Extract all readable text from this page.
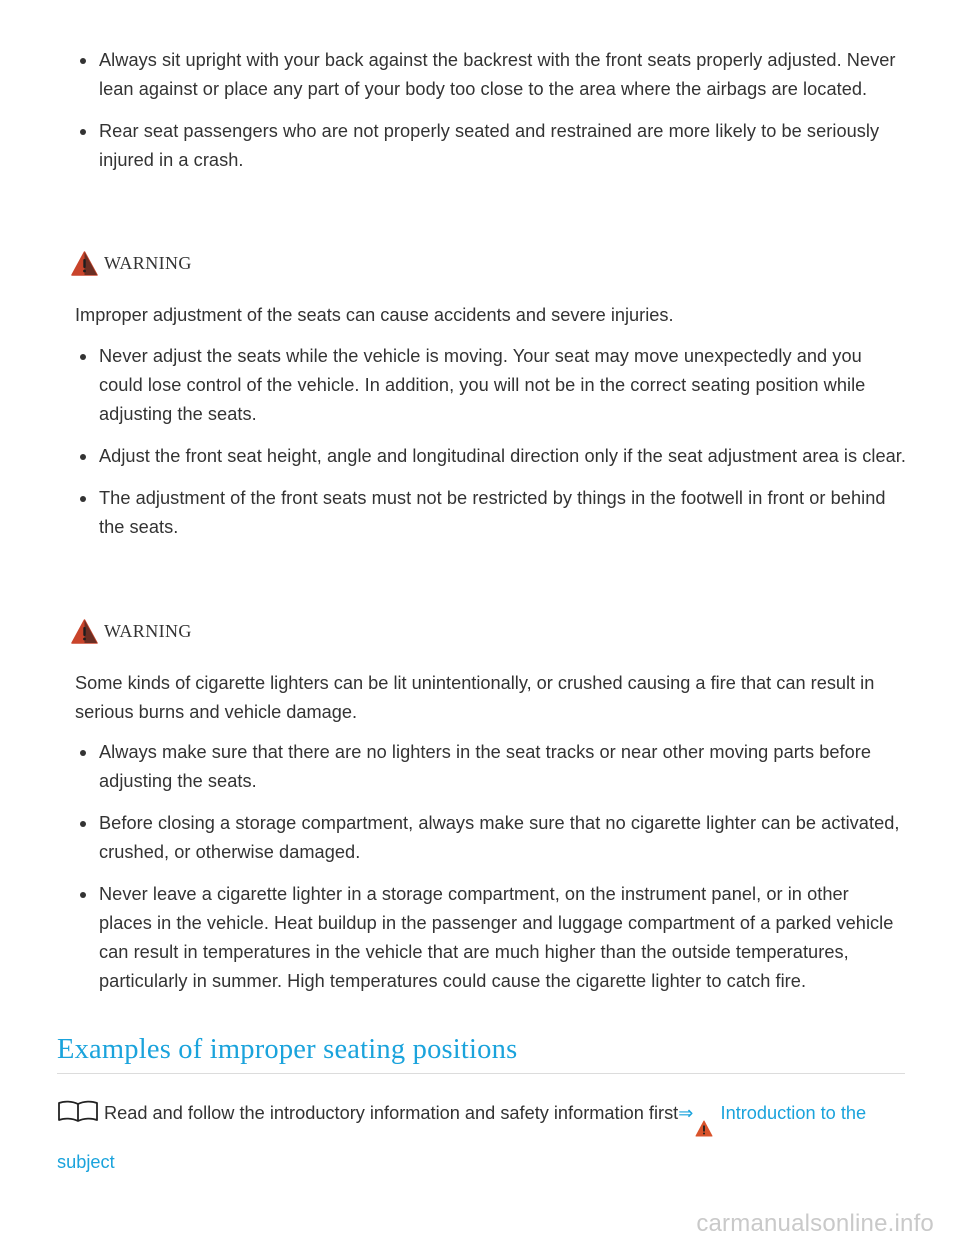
Always sit upright with your back against the backrest with the front seats properly adjusted. Never lean against or place any part of your body too close to the area where the airbags are located.
Rear seat passengers who are not properly seated and restrained are more likely to be seriously injured in a crash.
WARNING
Improper adjustment of the seats can cause accidents and severe injuries.
Never adjust the seats while the vehicle is moving. Your seat may move unexpectedly and you could lose control of the vehicle. In addition, you will not be in the correct seating position while adjusting the seats.
Adjust the front seat height, angle and longitudinal direction only if the seat adjustment area is clear.
The adjustment of the front seats must not be restricted by things in the footwell in front or behind the seats.
WARNING
Some kinds of cigarette lighters can be lit unintentionally, or crushed causing a fire that can result in serious burns and vehicle damage.
Always make sure that there are no lighters in the seat tracks or near other moving parts before adjusting the seats.
Before closing a storage compartment, always make sure that no cigarette lighter can be activated, crushed, or otherwise damaged.
Never leave a cigarette lighter in a storage compartment, on the instrument panel, or in other places in the vehicle. Heat buildup in the passenger and luggage compartment of a parked vehicle can result in temperatures in the vehicle that are much higher than the outside temperatures, particularly in summer. High temperatures could cause the cigarette lighter to catch fire.
Examples of improper seating positions
Read and follow the introductory information and safety information first⇒ Introduction to the subject
carmanualsonline.info
